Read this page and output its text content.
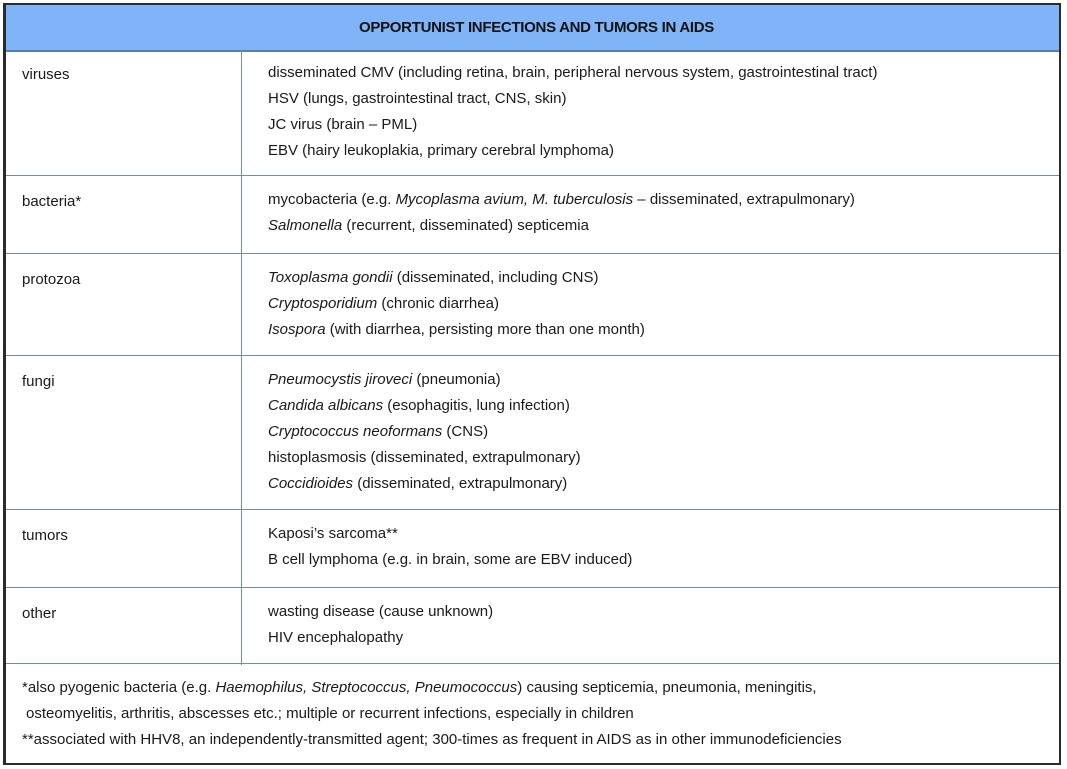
OPPORTUNIST INFECTIONS AND TUMORS IN AIDS
viruses	disseminated CMV (including retina, brain, peripheral nervous system, gastrointestinal tract)
HSV (lungs, gastrointestinal tract, CNS, skin)
JC virus (brain – PML)
EBV (hairy leukoplakia, primary cerebral lymphoma)
bacteria*	mycobacteria (e.g. Mycoplasma avium, M. tuberculosis – disseminated, extrapulmonary)
Salmonella (recurrent, disseminated) septicemia
protozoa	Toxoplasma gondii (disseminated, including CNS)
Cryptosporidium (chronic diarrhea)
Isospora (with diarrhea, persisting more than one month)
fungi	Pneumocystis jiroveci (pneumonia)
Candida albicans (esophagitis, lung infection)
Cryptococcus neoformans (CNS)
histoplasmosis (disseminated, extrapulmonary)
Coccidioides (disseminated, extrapulmonary)
tumors	Kaposi’s sarcoma**
B cell lymphoma (e.g. in brain, some are EBV induced)
other	wasting disease (cause unknown)
HIV encephalopathy
*also pyogenic bacteria (e.g. Haemophilus, Streptococcus, Pneumococcus) causing septicemia, pneumonia, meningitis,
osteomyelitis, arthritis, abscesses etc.; multiple or recurrent infections, especially in children
**associated with HHV8, an independently-transmitted agent; 300-times as frequent in AIDS as in other immunodeficiencies
